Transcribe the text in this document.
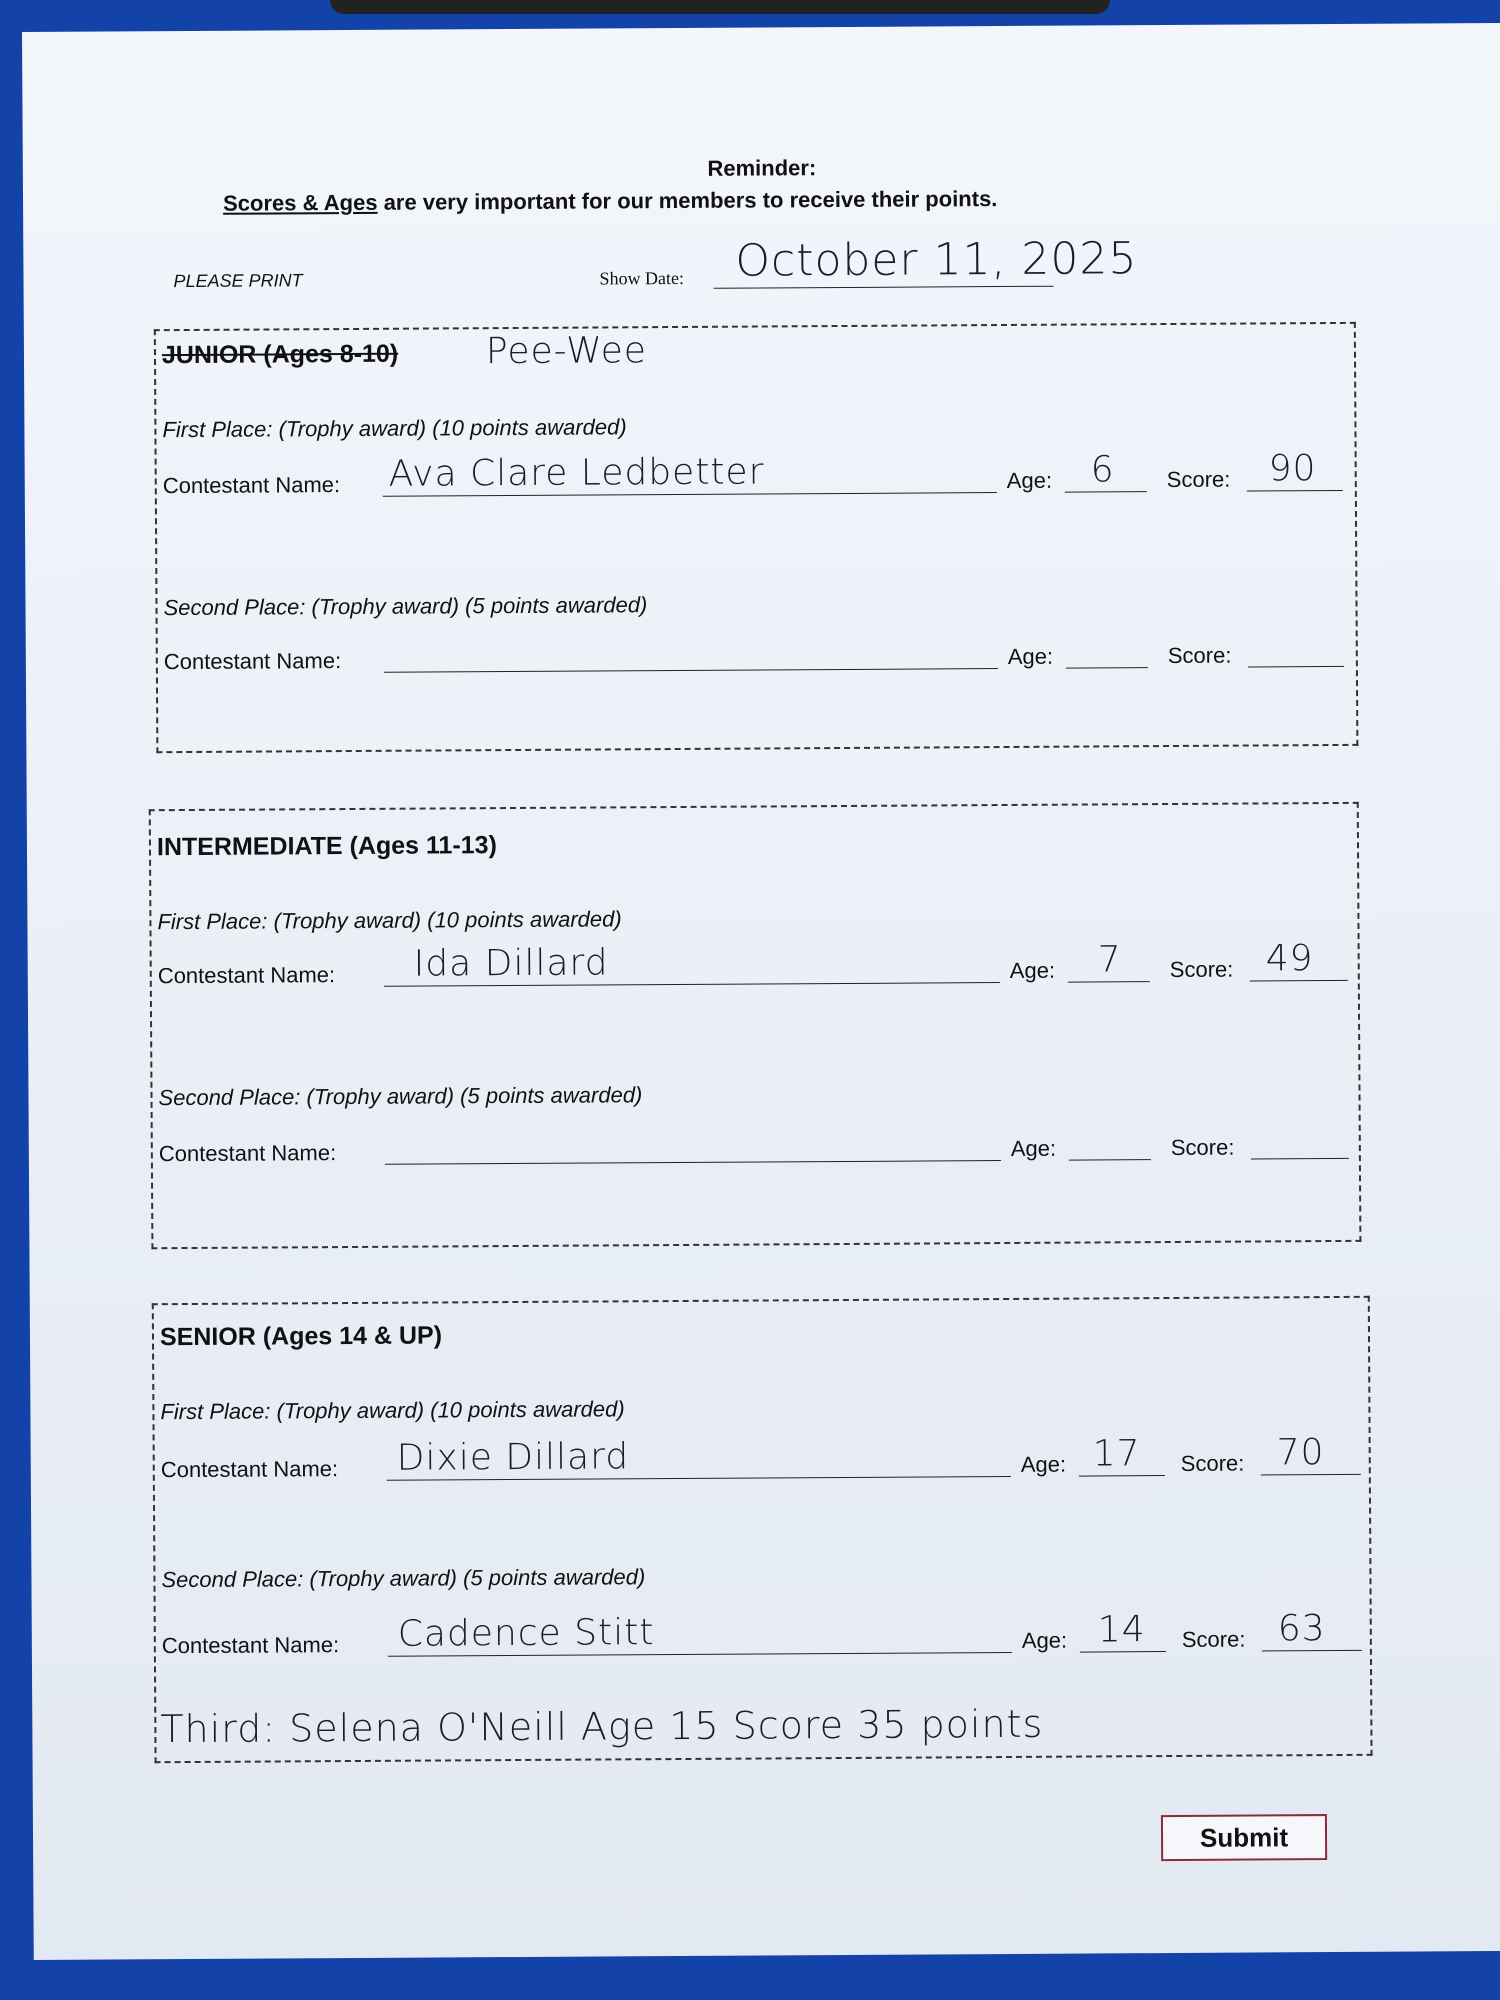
Reminder:
Scores & Ages are very important for our members to receive their points.
PLEASE PRINT	Show Date: October 11, 2025
JUNIOR (Ages 8-10) Pee-Wee
First Place: (Trophy award) (10 points awarded)
Contestant Name: Ava Clare Ledbetter	Age: 6 Score: 90
Second Place: (Trophy award) (5 points awarded)
Contestant Name:	Age:	Score:
INTERMEDIATE (Ages 11-13)
First Place: (Trophy award) (10 points awarded)
Contestant Name: Ida Dillard	Age: 7 Score: 49
Second Place: (Trophy award) (5 points awarded)
Contestant Name:	Age:	Score:
SENIOR (Ages 14 & UP)
First Place: (Trophy award) (10 points awarded)
Contestant Name: Dixie Dillard	Age: 17 Score: 70
Second Place: (Trophy award) (5 points awarded)
Contestant Name: Cadence Stitt	Age: 14 Score: 63
Third: Selena O'Neill Age 15 Score 35 points
Submit
